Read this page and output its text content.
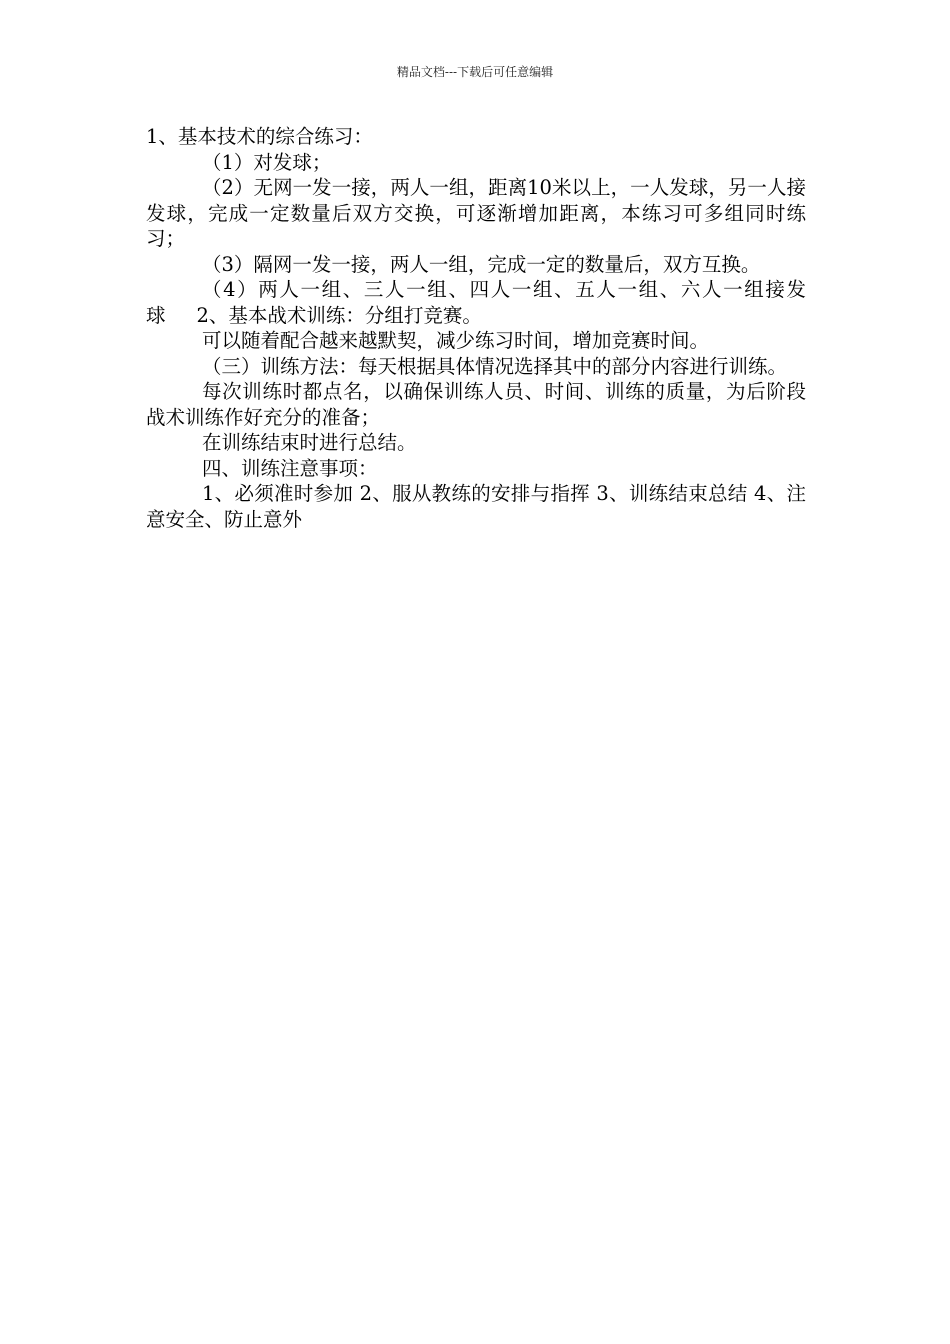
精品文档---下载后可任意编辑

1、基本技术的综合练习：

（1）对发球；

（2）无网一发一接，两人一组，距离10米以上，一人发球，另一人接发球，完成一定数量后双方交换，可逐渐增加距离，本练习可多组同时练习；

（3）隔网一发一接，两人一组，完成一定的数量后，双方互换。

（4）两人一组、三人一组、四人一组、五人一组、六人一组接发球     2、基本战术训练：分组打竞赛。

可以随着配合越来越默契，减少练习时间，增加竞赛时间。

（三）训练方法：每天根据具体情况选择其中的部分内容进行训练。

每次训练时都点名，以确保训练人员、时间、训练的质量，为后阶段战术训练作好充分的准备；

在训练结束时进行总结。

四、训练注意事项：

1、必须准时参加 2、服从教练的安排与指挥 3、训练结束总结 4、注意安全、防止意外
